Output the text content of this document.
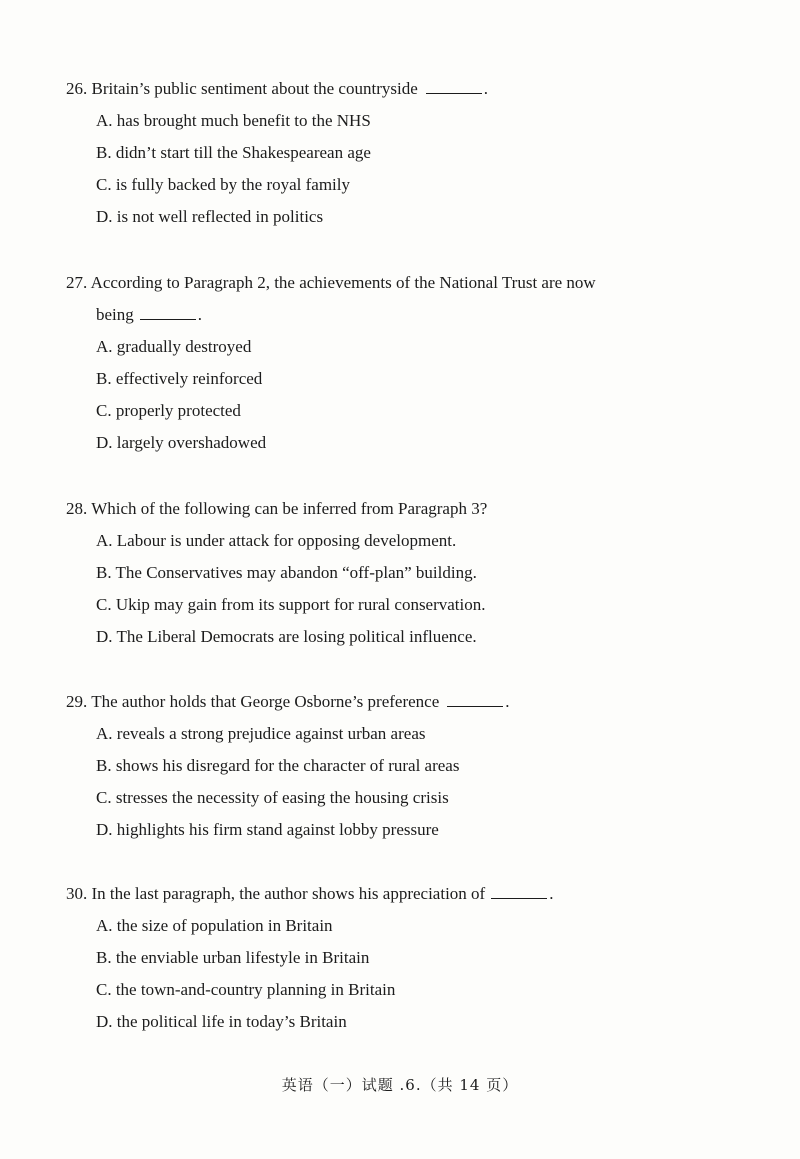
26. Britain’s public sentiment about the countryside	.

A. has brought much benefit to the NHS
B. didn’t start till the Shakespearean age
C. is fully backed by the royal family
D. is not well reflected in politics

27. According to Paragraph 2, the achievements of the National Trust are now
being	.

A. gradually destroyed
B. effectively reinforced
C. properly protected
D. largely overshadowed

28. Which of the following can be inferred from Paragraph 3?

A. Labour is under attack for opposing development.
B. The Conservatives may abandon “off-plan” building.
C. Ukip may gain from its support for rural conservation.
D. The Liberal Democrats are losing political influence.

29. The author holds that George Osborne’s preference	.

A. reveals a strong prejudice against urban areas
B. shows his disregard for the character of rural areas
C. stresses the necessity of easing the housing crisis
D. highlights his firm stand against lobby pressure

30. In the last paragraph, the author shows his appreciation of	.

A. the size of population in Britain
B. the enviable urban lifestyle in Britain
C. the town-and-country planning in Britain
D. the political life in today’s Britain
英语（一）试题 .6.（共 14 页）
